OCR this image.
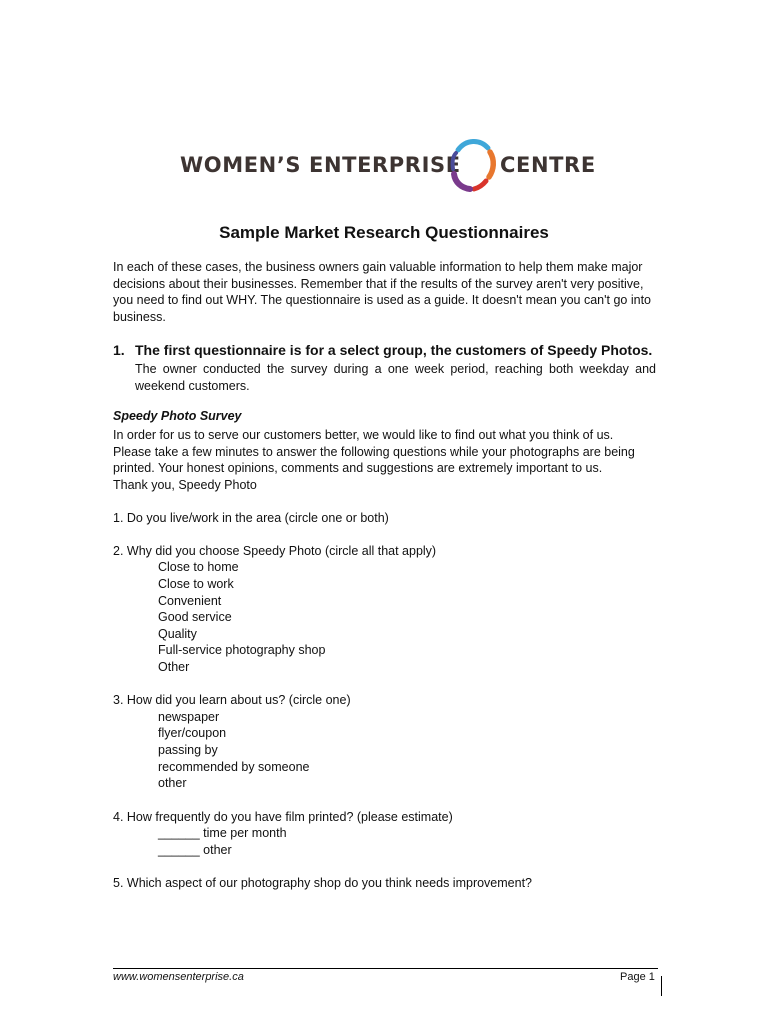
WOMEN’S ENTERPRISE CENTRE
Sample Market Research Questionnaires
In each of these cases, the business owners gain valuable information to help them make major
decisions about their businesses. Remember that if the results of the survey aren't very positive,
you need to find out WHY. The questionnaire is used as a guide. It doesn't mean you can't go into
business.
1. The first questionnaire is for a select group, the customers of Speedy Photos.
The owner conducted the survey during a one week period, reaching both weekday and weekend customers.
Speedy Photo Survey
In order for us to serve our customers better, we would like to find out what you think of us.
Please take a few minutes to answer the following questions while your photographs are being
printed. Your honest opinions, comments and suggestions are extremely important to us.
Thank you, Speedy Photo
1. Do you live/work in the area (circle one or both)
2. Why did you choose Speedy Photo (circle all that apply)
Close to home
Close to work
Convenient
Good service
Quality
Full-service photography shop
Other
3. How did you learn about us? (circle one)
newspaper
flyer/coupon
passing by
recommended by someone
other
4. How frequently do you have film printed? (please estimate)
______ time per month
______ other
5. Which aspect of our photography shop do you think needs improvement?
www.womensenterprise.ca	Page 1
